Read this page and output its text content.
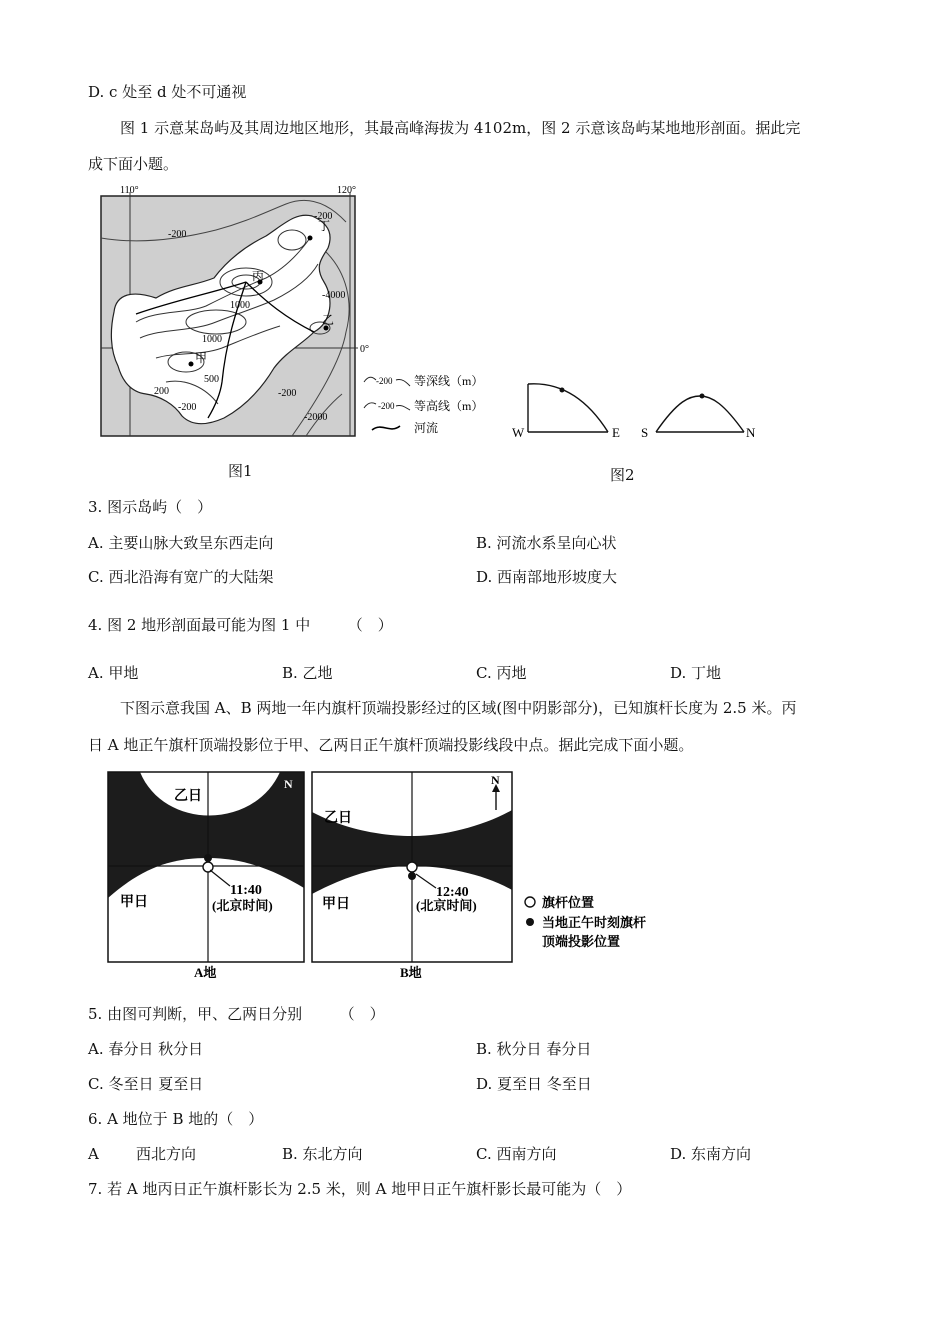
D. c 处至 d 处不可通视
图 1 示意某岛屿及其周边地区地形，其最高峰海拔为 4102m，图 2 示意该岛屿某地地形剖面。据此完
成下面小题。
110°	120°
0°
-200
-200
-4000
1000
1000
500
200	-200
-2000
-200
丁
丙
乙
甲
-200 等深线（m）
-200 等高线（m）
河流
图1
W	E S	N
图2
3. 图示岛屿（　）
A. 主要山脉大致呈东西走向	B. 河流水系呈向心状
C. 西北沿海有宽广的大陆架	D. 西南部地形坡度大
4. 图 2 地形剖面最可能为图 1 中　　　（　）
A. 甲地	B. 乙地	C. 丙地	D. 丁地
下图示意我国 A、B 两地一年内旗杆顶端投影经过的区域(图中阴影部分)，已知旗杆长度为 2.5 米。丙
日 A 地正午旗杆顶端投影位于甲、乙两日正午旗杆顶端投影线段中点。据此完成下面小题。
乙日
N
甲日
11:40
(北京时间)
A地
N
乙日
甲日
12:40
(北京时间)
B地
旗杆位置
当地正午时刻旗杆
顶端投影位置
5. 由图可判断，甲、乙两日分别　　　（　）
A. 春分日 秋分日	B. 秋分日 春分日
C. 冬至日 夏至日	D. 夏至日 冬至日
6. A 地位于 B 地的（　）
A 西北方向	B. 东北方向	C. 西南方向	D. 东南方向
7. 若 A 地丙日正午旗杆影长为 2.5 米，则 A 地甲日正午旗杆影长最可能为（　）
